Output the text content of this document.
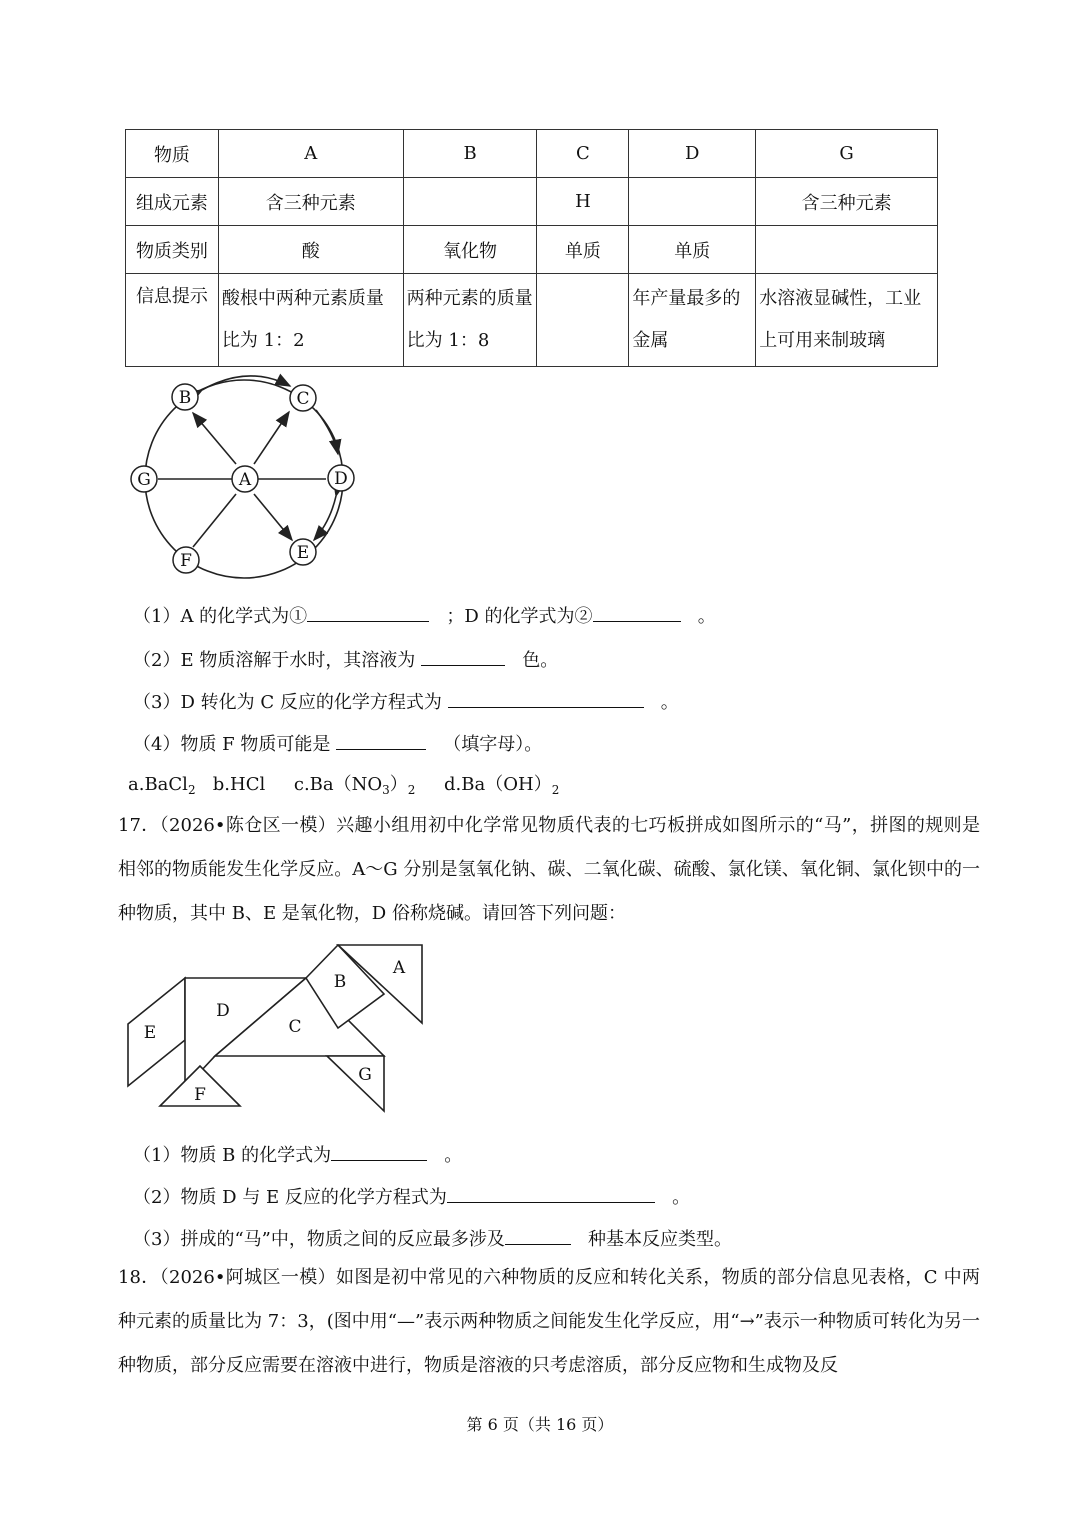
物质	A	B	C	D	G
组成元素	含三种元素		H		含三种元素
物质类别	酸	氧化物	单质	单质	
信息提示	酸根中两种元素质量比为 1：2	两种元素的质量比为 1：8		年产量最多的金属	水溶液显碱性，工业上可用来制玻璃
B	C
G	A	D
F	E
（1）A 的化学式为①	；D 的化学式为②	。
（2）E 物质溶解于水时，其溶液为	色。
（3）D 转化为 C 反应的化学方程式为	。
（4）物质 F 物质可能是	（填字母）。
a.BaCl$_2$ b.HCl $c.Ba(NO_3)_2$ $d.Ba(OH)_2$
17．（2026•陈仓区一模）兴趣小组用初中化学常见物质代表的七巧板拼成如图所示的“马”，拼图的规则是相邻的物质能发生化学反应。A～G 分别是氢氧化钠、碳、二氧化碳、硫酸、氯化镁、氧化铜、氯化钡中的一种物质，其中 B、E 是氧化物，D 俗称烧碱。请回答下列问题：
A
B
C
D
E
F
G
（1）物质 B 的化学式为	。
（2）物质 D 与 E 反应的化学方程式为	。
（3）拼成的“马”中，物质之间的反应最多涉及	种基本反应类型。
18．（2026•阿城区一模）如图是初中常见的六种物质的反应和转化关系，物质的部分信息见表格，C 中两种元素的质量比为 7：3，(图中用“—”表示两种物质之间能发生化学反应，用“→”表示一种物质可转化为另一种物质，部分反应需要在溶液中进行，物质是溶液的只考虑溶质，部分反应物和生成物及反
第 6 页（共 16 页）
